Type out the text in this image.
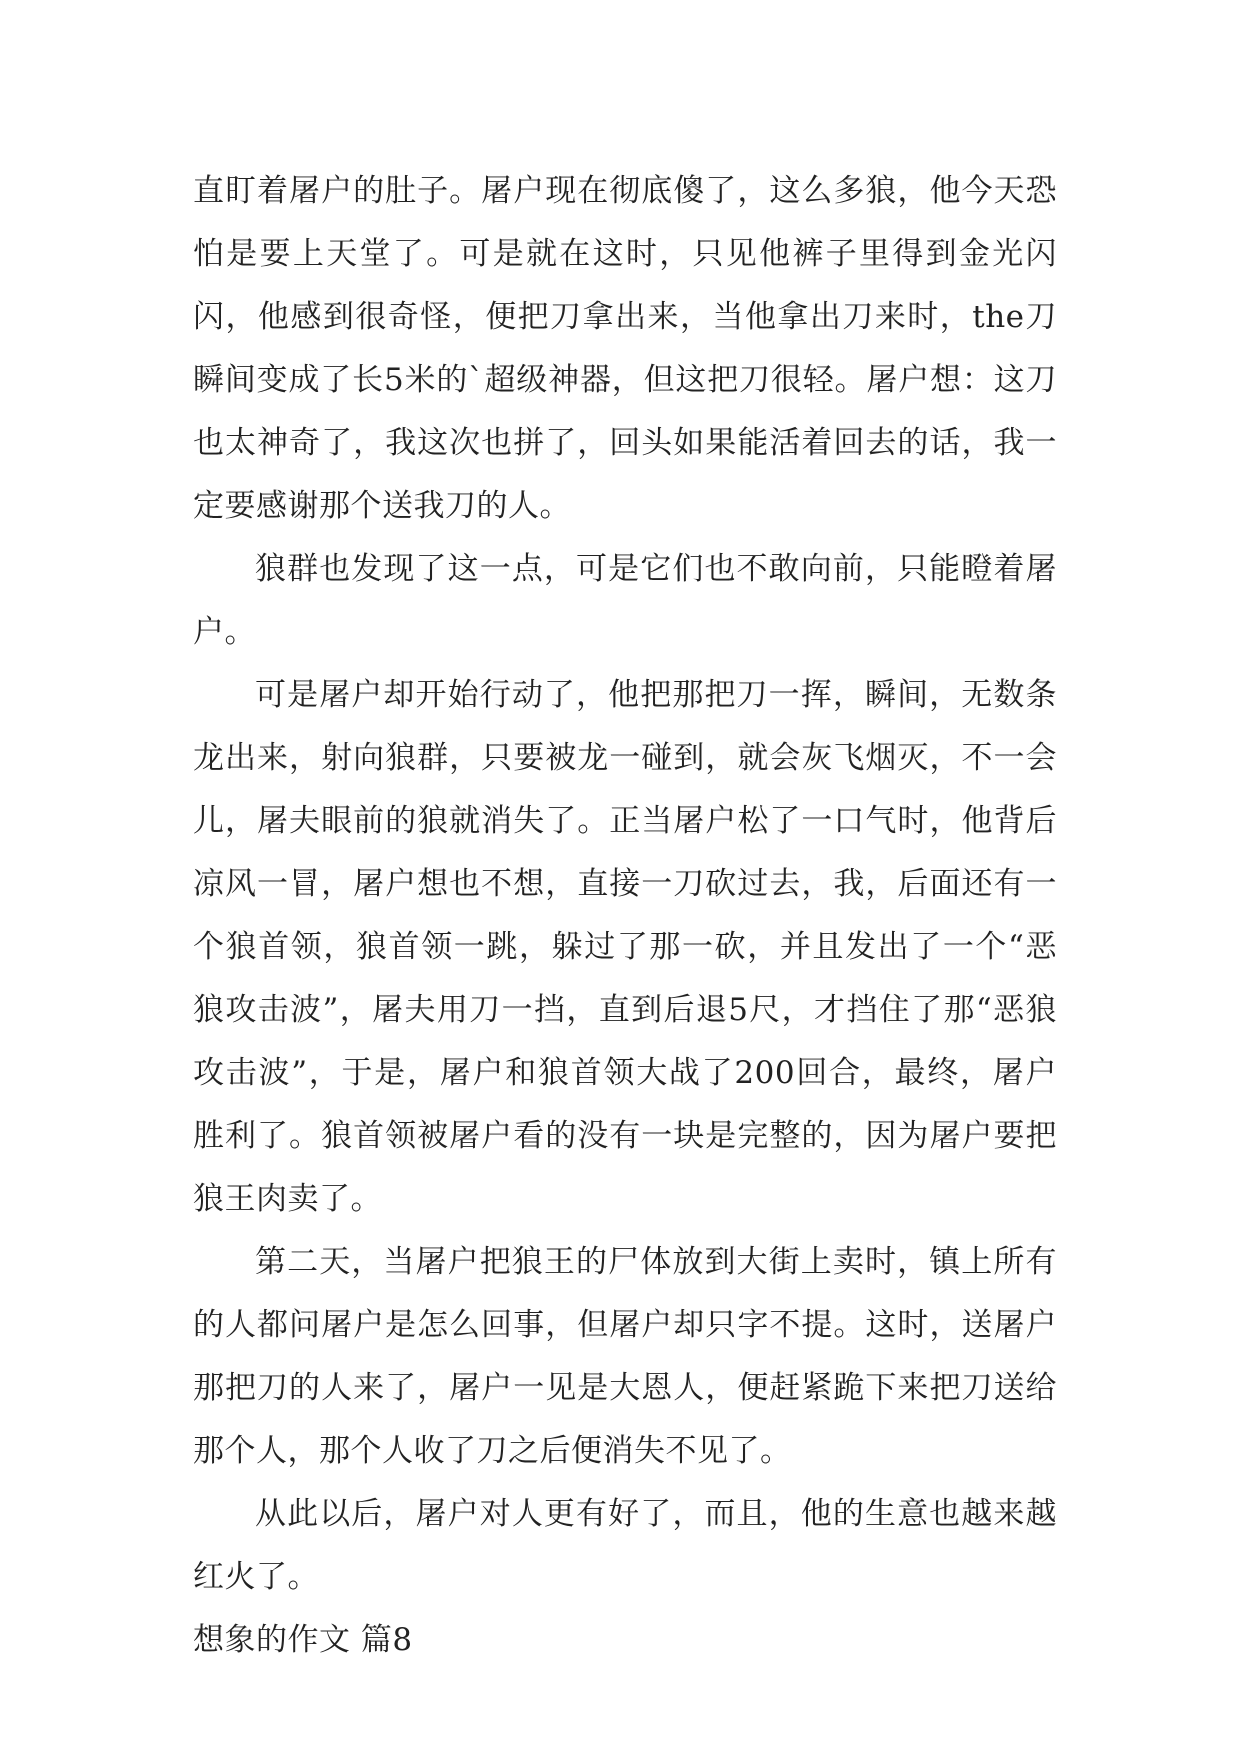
直盯着屠户的肚子。屠户现在彻底傻了，这么多狼，他今天恐怕是要上天堂了。可是就在这时，只见他裤子里得到金光闪闪，他感到很奇怪，便把刀拿出来，当他拿出刀来时，the刀瞬间变成了长5米的`超级神器，但这把刀很轻。屠户想：这刀也太神奇了，我这次也拼了，回头如果能活着回去的话，我一定要感谢那个送我刀的人。

狼群也发现了这一点，可是它们也不敢向前，只能瞪着屠户。

可是屠户却开始行动了，他把那把刀一挥，瞬间，无数条龙出来，射向狼群，只要被龙一碰到，就会灰飞烟灭，不一会儿，屠夫眼前的狼就消失了。正当屠户松了一口气时，他背后凉风一冒，屠户想也不想，直接一刀砍过去，我，后面还有一个狼首领，狼首领一跳，躲过了那一砍，并且发出了一个“恶狼攻击波”，屠夫用刀一挡，直到后退5尺，才挡住了那“恶狼攻击波”，于是，屠户和狼首领大战了200回合，最终，屠户胜利了。狼首领被屠户看的没有一块是完整的，因为屠户要把狼王肉卖了。

第二天，当屠户把狼王的尸体放到大街上卖时，镇上所有的人都问屠户是怎么回事，但屠户却只字不提。这时，送屠户那把刀的人来了，屠户一见是大恩人，便赶紧跪下来把刀送给那个人，那个人收了刀之后便消失不见了。

从此以后，屠户对人更有好了，而且，他的生意也越来越红火了。

想象的作文 篇8
